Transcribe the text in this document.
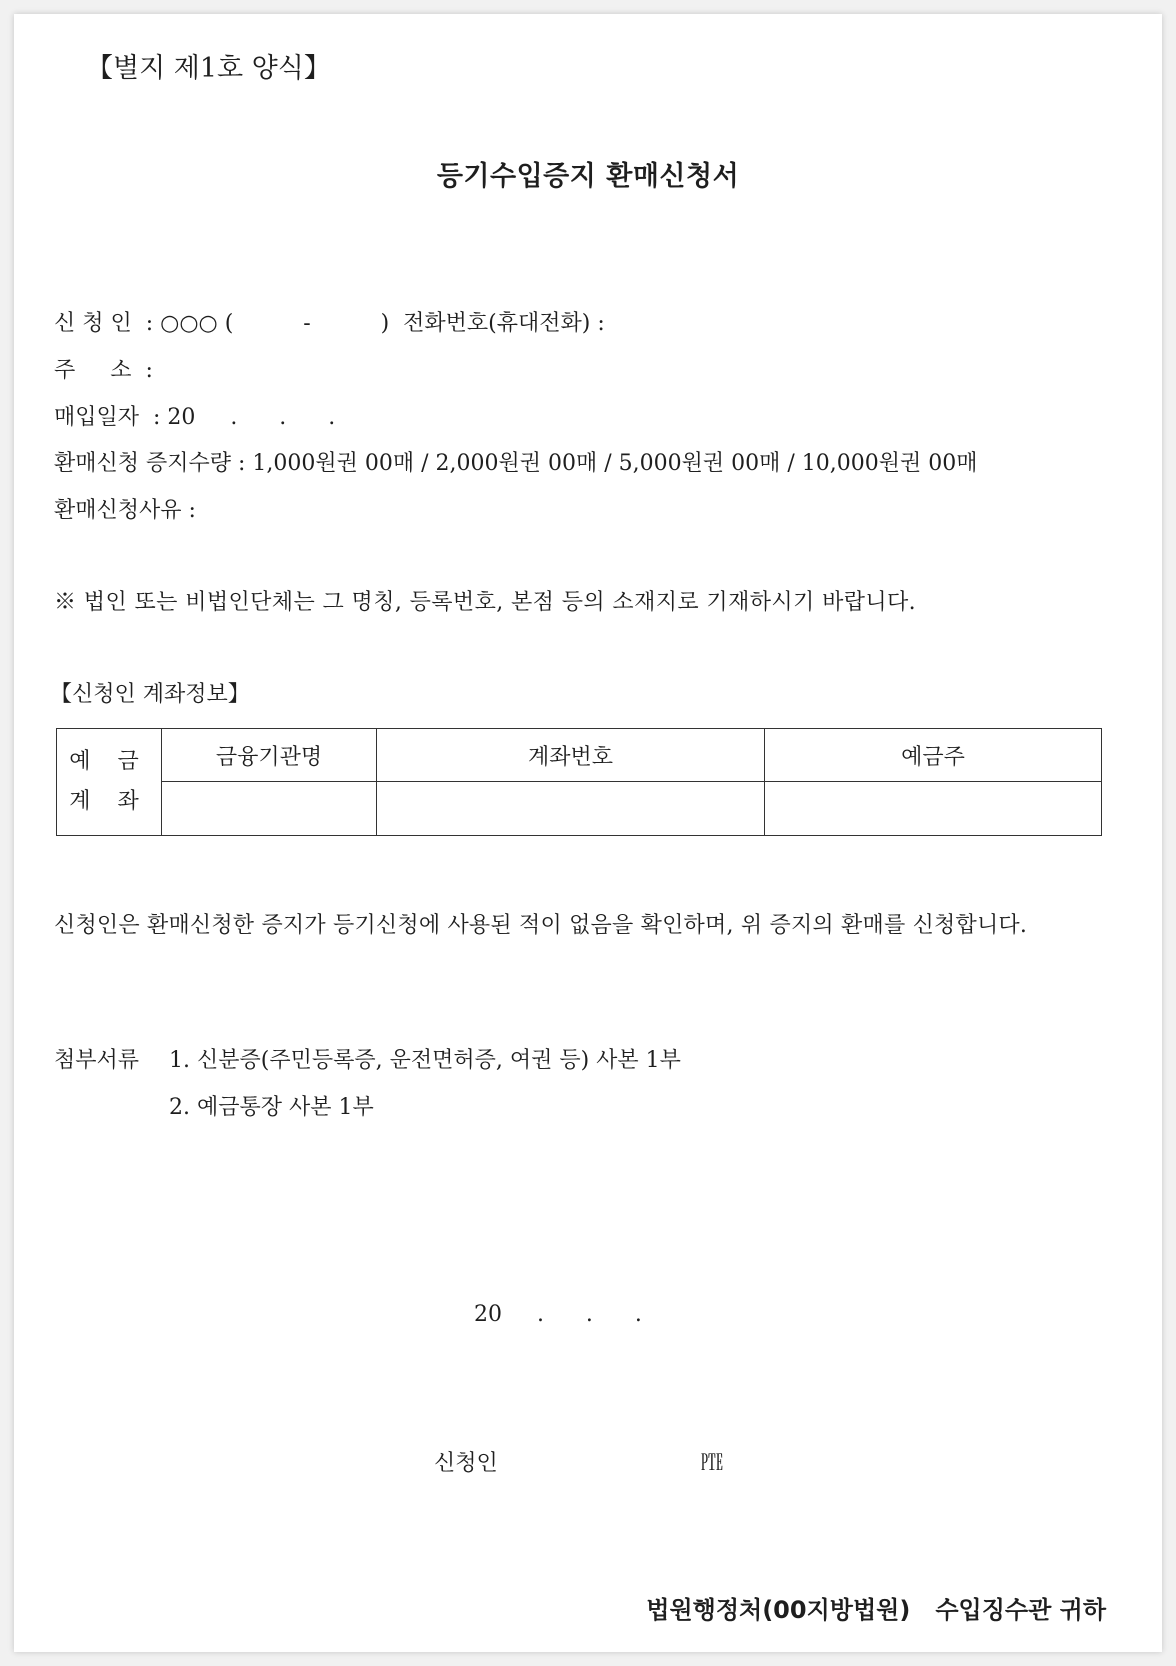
【별지 제1호 양식】
등기수입증지 환매신청서
신 청 인  : ○○○ (          -          )  전화번호(휴대전화) :
주     소  :
매입일자  : 20     .      .      .
환매신청 증지수량 : 1,000원권 00매 / 2,000원권 00매 / 5,000원권 00매 / 10,000원권 00매
환매신청사유 :
※ 법인 또는 비법인단체는 그 명칭, 등록번호, 본점 등의 소재지로 기재하시기 바랍니다.
【신청인 계좌정보】
예 금
계 좌	금융기관명	계좌번호	예금주

신청인은 환매신청한 증지가 등기신청에 사용된 적이 없음을 확인하며, 위 증지의 환매를 신청합니다.
첨부서류 1. 신분증(주민등록증, 운전면허증, 여권 등) 사본 1부
2. 예금통장 사본 1부
20     .      .      .
신청인	㉐
법원행정처(00지방법원)   수입징수관 귀하
